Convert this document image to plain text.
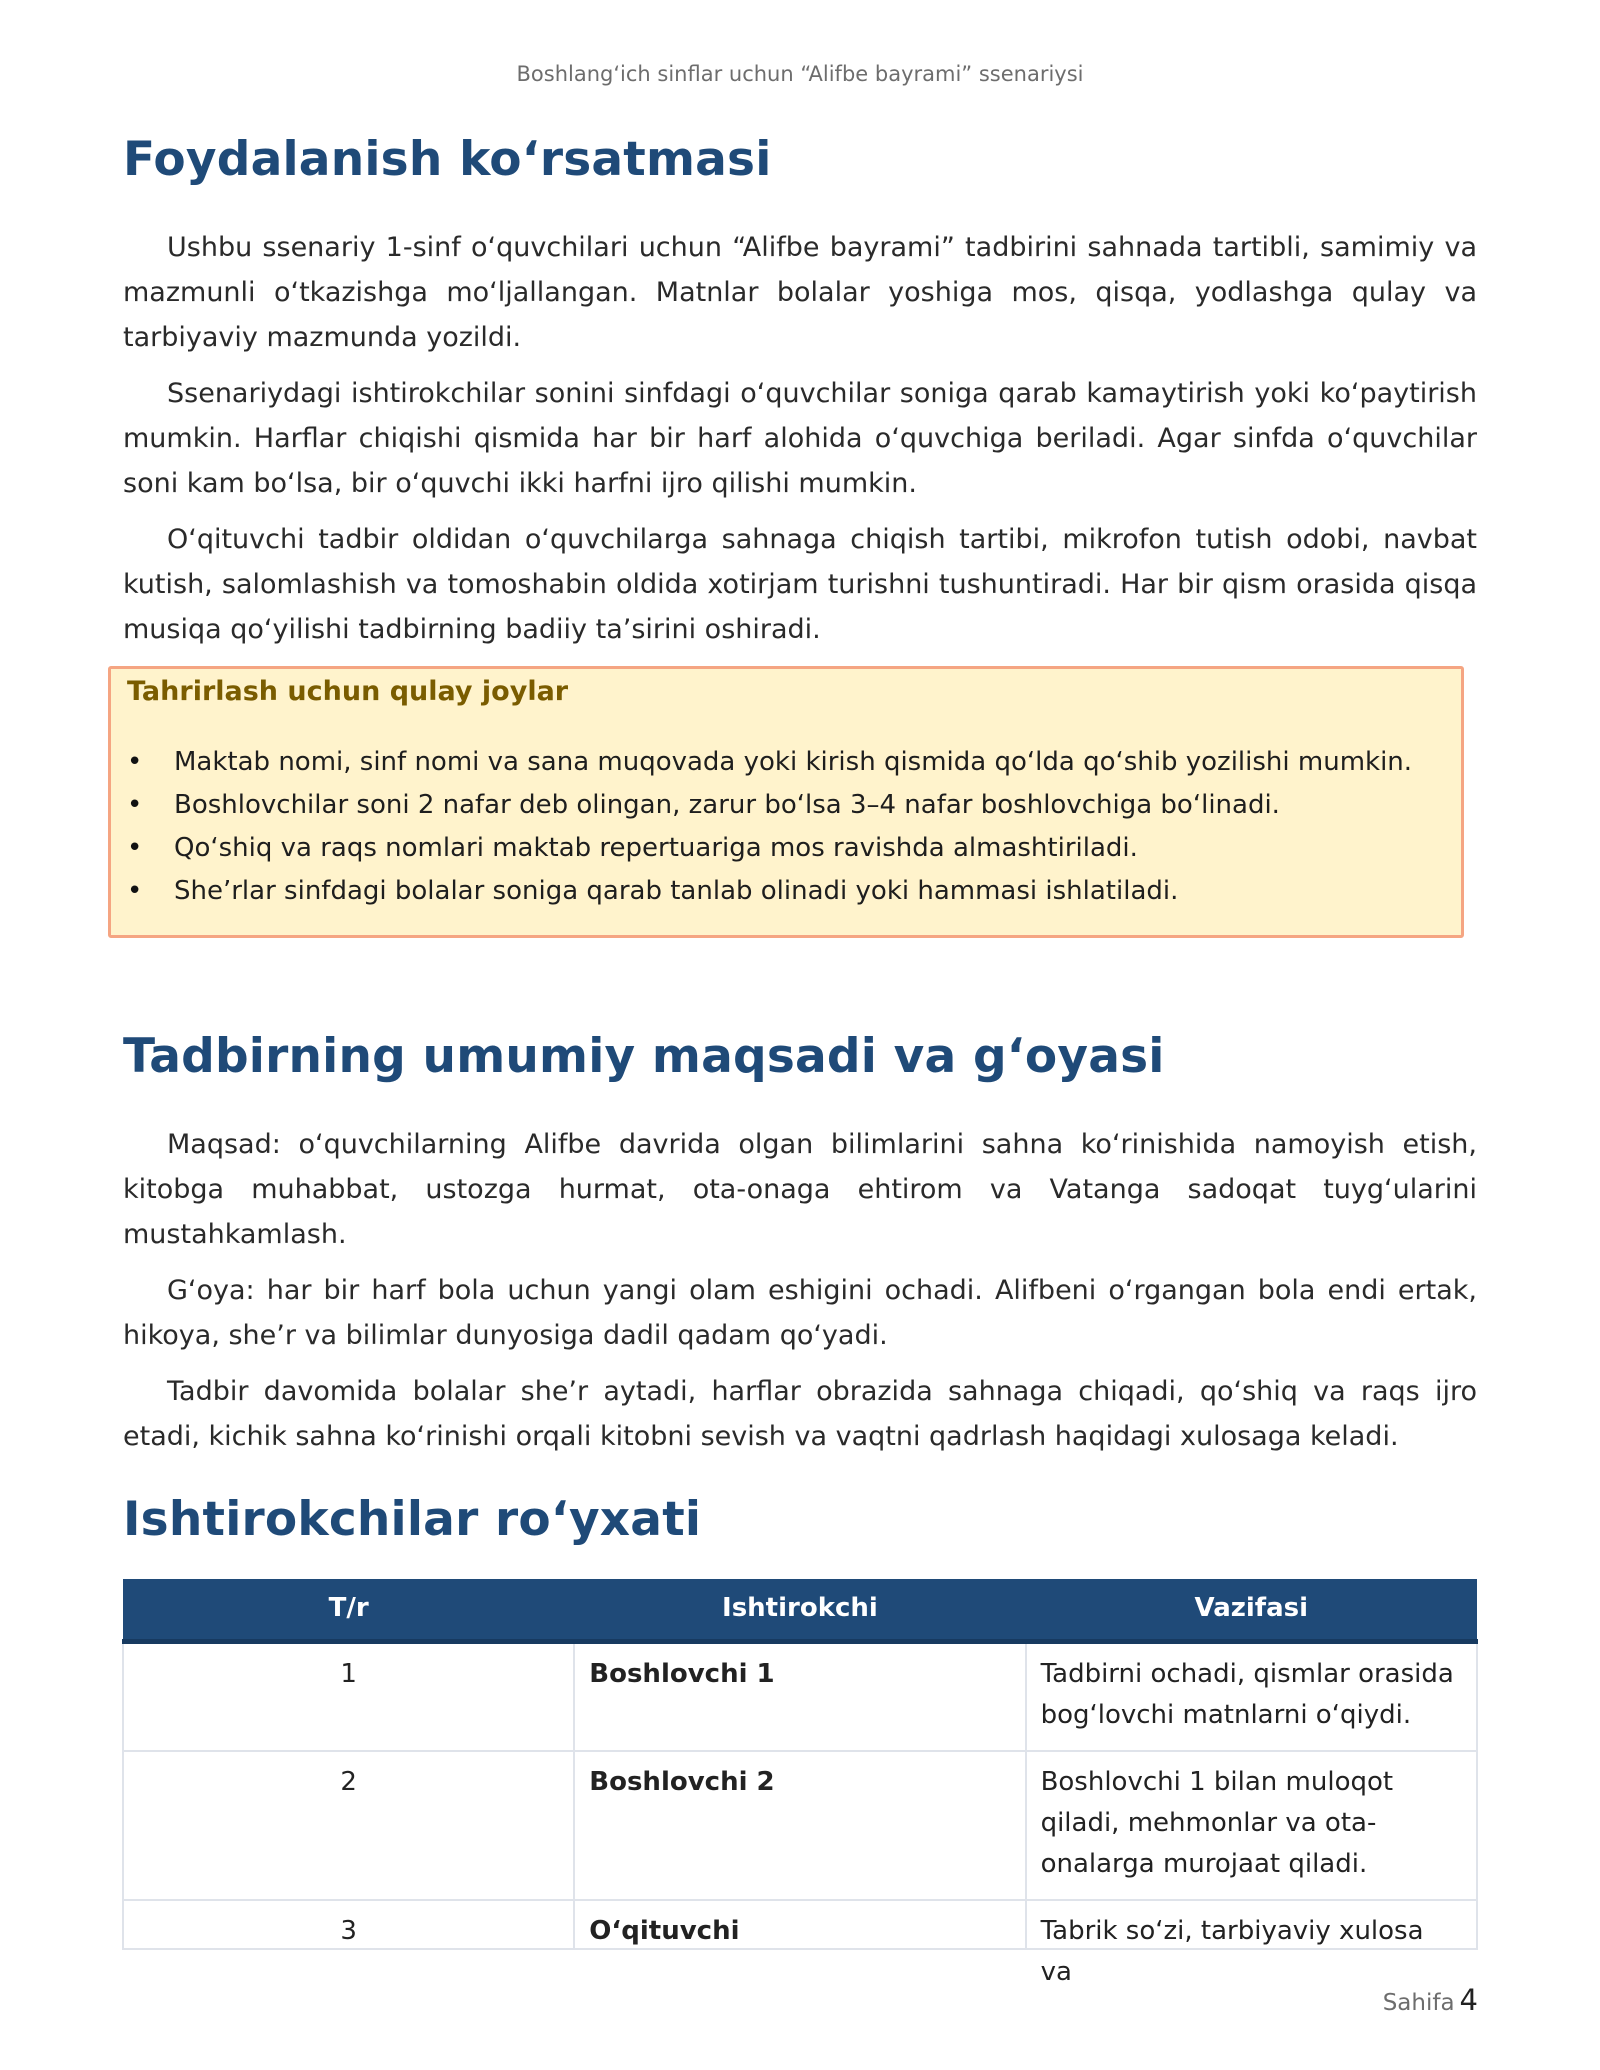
Boshlang‘ich sinflar uchun “Alifbe bayrami” ssenariysi
Foydalanish ko‘rsatmasi

Ushbu ssenariy 1-sinf o‘quvchilari uchun “Alifbe bayrami” tadbirini sahnada tartibli, samimiy va mazmunli o‘tkazishga mo‘ljallangan. Matnlar bolalar yoshiga mos, qisqa, yodlashga qulay va tarbiyaviy mazmunda yozildi.

Ssenariydagi ishtirokchilar sonini sinfdagi o‘quvchilar soniga qarab kamaytirish yoki ko‘paytirish mumkin. Harflar chiqishi qismida har bir harf alohida o‘quvchiga beriladi. Agar sinfda o‘quvchilar soni kam bo‘lsa, bir o‘quvchi ikki harfni ijro qilishi mumkin.

O‘qituvchi tadbir oldidan o‘quvchilarga sahnaga chiqish tartibi, mikrofon tutish odobi, navbat kutish, salomlashish va tomoshabin oldida xotirjam turishni tushuntiradi. Har bir qism orasida qisqa musiqa qo‘yilishi tadbirning badiiy ta’sirini oshiradi.

Tahrirlash uchun qulay joylar
• Maktab nomi, sinf nomi va sana muqovada yoki kirish qismida qo‘lda qo‘shib yozilishi mumkin.
• Boshlovchilar soni 2 nafar deb olingan, zarur bo‘lsa 3–4 nafar boshlovchiga bo‘linadi.
• Qo‘shiq va raqs nomlari maktab repertuariga mos ravishda almashtiriladi.
• She’rlar sinfdagi bolalar soniga qarab tanlab olinadi yoki hammasi ishlatiladi.
Tadbirning umumiy maqsadi va g‘oyasi

Maqsad: o‘quvchilarning Alifbe davrida olgan bilimlarini sahna ko‘rinishida namoyish etish, kitobga muhabbat, ustozga hurmat, ota-onaga ehtirom va Vatanga sadoqat tuyg‘ularini mustahkamlash.

G‘oya: har bir harf bola uchun yangi olam eshigini ochadi. Alifbeni o‘rgangan bola endi ertak, hikoya, she’r va bilimlar dunyosiga dadil qadam qo‘yadi.

Tadbir davomida bolalar she’r aytadi, harflar obrazida sahnaga chiqadi, qo‘shiq va raqs ijro etadi, kichik sahna ko‘rinishi orqali kitobni sevish va vaqtni qadrlash haqidagi xulosaga keladi.

Ishtirokchilar ro‘yxati
T/r	Ishtirokchi	Vazifasi
1	Boshlovchi 1	Tadbirni ochadi, qismlar orasida bog‘lovchi matnlarni o‘qiydi.
2	Boshlovchi 2	Boshlovchi 1 bilan muloqot qiladi, mehmonlar va ota-onalarga murojaat qiladi.

3	O‘qituvchi	Tabrik so‘zi, tarbiyaviy xulosa va
Sahifa 4
